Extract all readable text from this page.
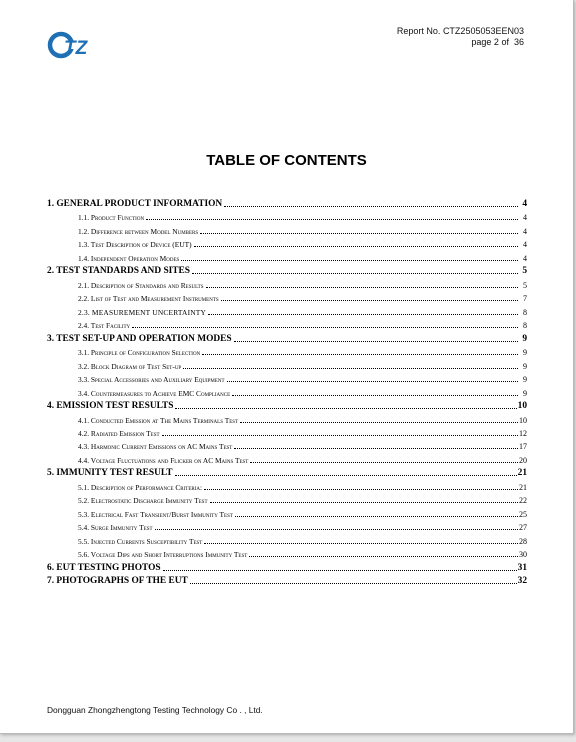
TZ
Report No. CTZ2505053EEN03
page 2 of 36
TABLE OF CONTENTS
1. GENERAL PRODUCT INFORMATION	4
1.1. Product Function	4
1.2. Difference between Model Numbers	4
1.3. Test Description of Device (EUT)	4
1.4. Independent Operation Modes	4
2. TEST STANDARDS AND SITES	5
2.1. Description of Standards and Results	5
2.2. List of Test and Measurement Instruments	7
2.3. MEASUREMENT UNCERTAINTY	8
2.4. Test Facility	8
3. TEST SET-UP AND OPERATION MODES	9
3.1. Principle of Configuration Selection	9
3.2. Block Diagram of Test Set-up	9
3.3. Special Accessories and Auxiliary Equipment	9
3.4. Countermeasures to Achieve EMC Compliance	9
4. EMISSION TEST RESULTS	10
4.1. Conducted Emission at The Mains Terminals Test	10
4.2. Radiated Emission Test	12
4.3. Harmonic Current Emissions on AC Mains Test	17
4.4. Voltage Fluctuations and Flicker on AC Mains Test	20
5. IMMUNITY TEST RESULT	21
5.1. Description of Performance Criteria:	21
5.2. Electrostatic Discharge Immunity Test	22
5.3. Electrical Fast Transient/Burst Immunity Test	25
5.4. Surge Immunity Test	27
5.5. Injected Currents Susceptibility Test	28
5.6. Voltage Dips and Short Interruptions Immunity Test	30
6. EUT TESTING PHOTOS	31
7. PHOTOGRAPHS OF THE EUT	32
Dongguan Zhongzhengtong Testing Technology Co . , Ltd.
